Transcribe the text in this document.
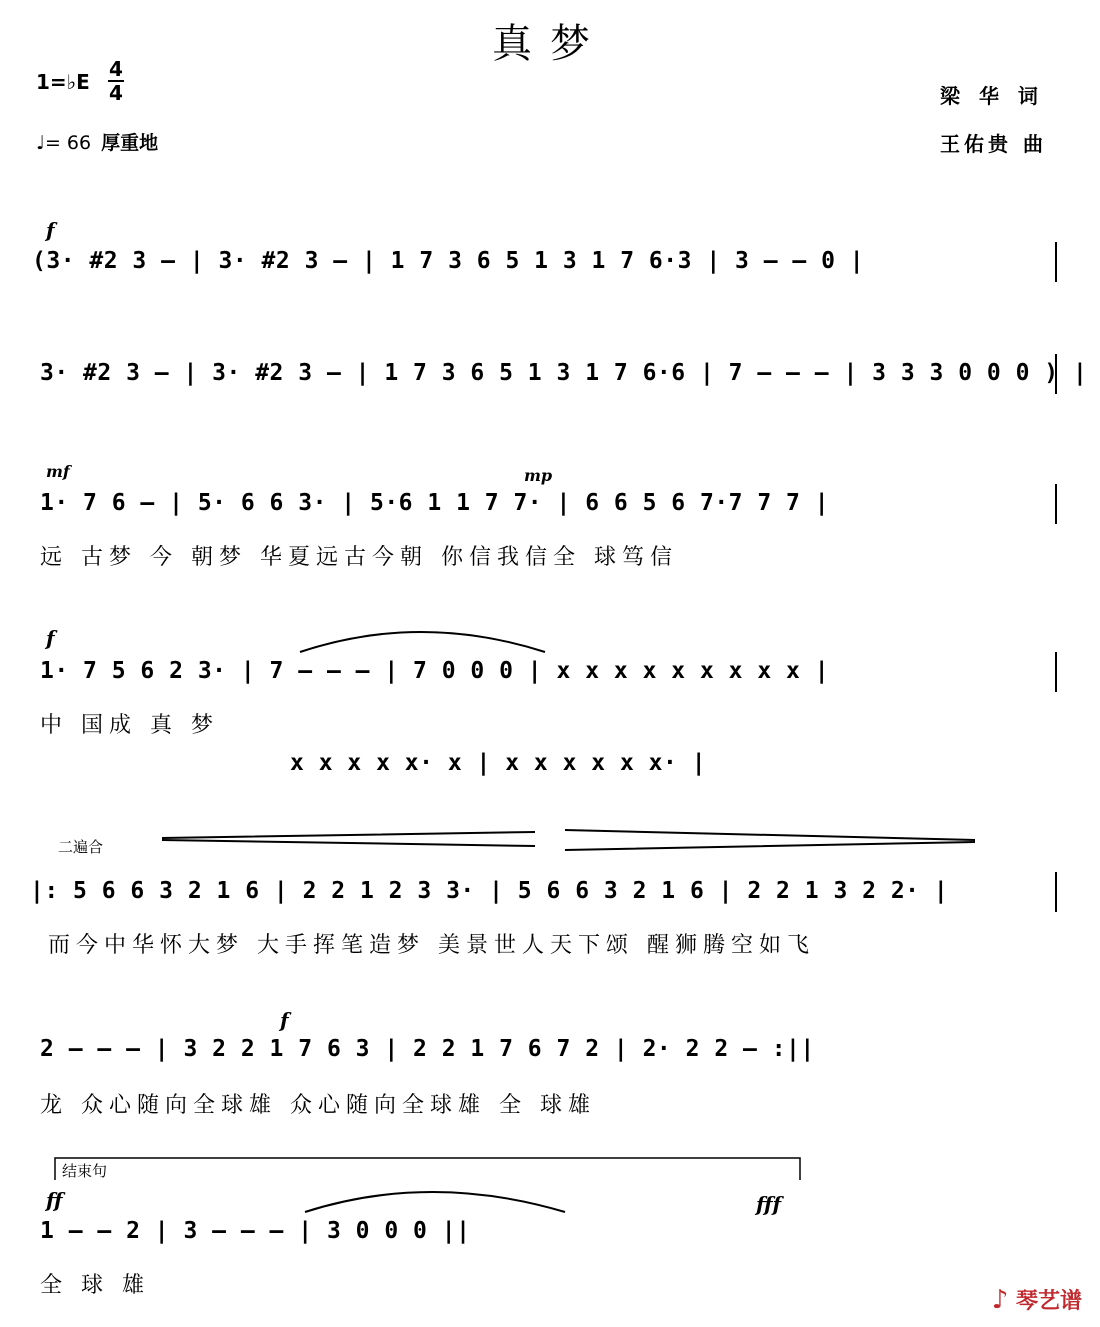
真梦
1=♭E
4
4
♩= 66 厚重地
梁 华 词
王佑贵 曲
f
(3· #2 3 – | 3· #2 3 – | 1 7 3 6 5 1 3 1 7 6·3 | 3 – – 0 |
3· #2 3 – | 3· #2 3 – | 1 7 3 6 5 1 3 1 7 6·6 | 7 – – – | 3 3 3 0 0 0 ) |
mf	mp
1· 7 6 – | 5· 6 6 3· | 5·6 1 1 7 7· | 6 6 5 6 7·7 7 7 |
远 古梦 今 朝梦 华夏远古今朝 你信我信全 球笃信
f
1· 7 5 6 2 3· | 7 – – – | 7 0 0 0 | x x x x x x x x x |
中 国成 真 梦
x x x x x· x | x x x x x x· |
二遍合
|: 5 6 6 3 2 1 6 | 2 2 1 2 3 3· | 5 6 6 3 2 1 6 | 2 2 1 3 2 2· |
而今中华怀大梦 大手挥笔造梦 美景世人天下颂 醒狮腾空如飞
f
2 – – – | 3 2 2 1 7 6 3 | 2 2 1 7 6 7 2 | 2· 2 2 – :||
龙 众心随向全球雄 众心随向全球雄 全 球雄
结束句
ff	fff
1 – – 2 | 3 – – – | 3 0 0 0 ||
全 球 雄	♪ 琴艺谱
